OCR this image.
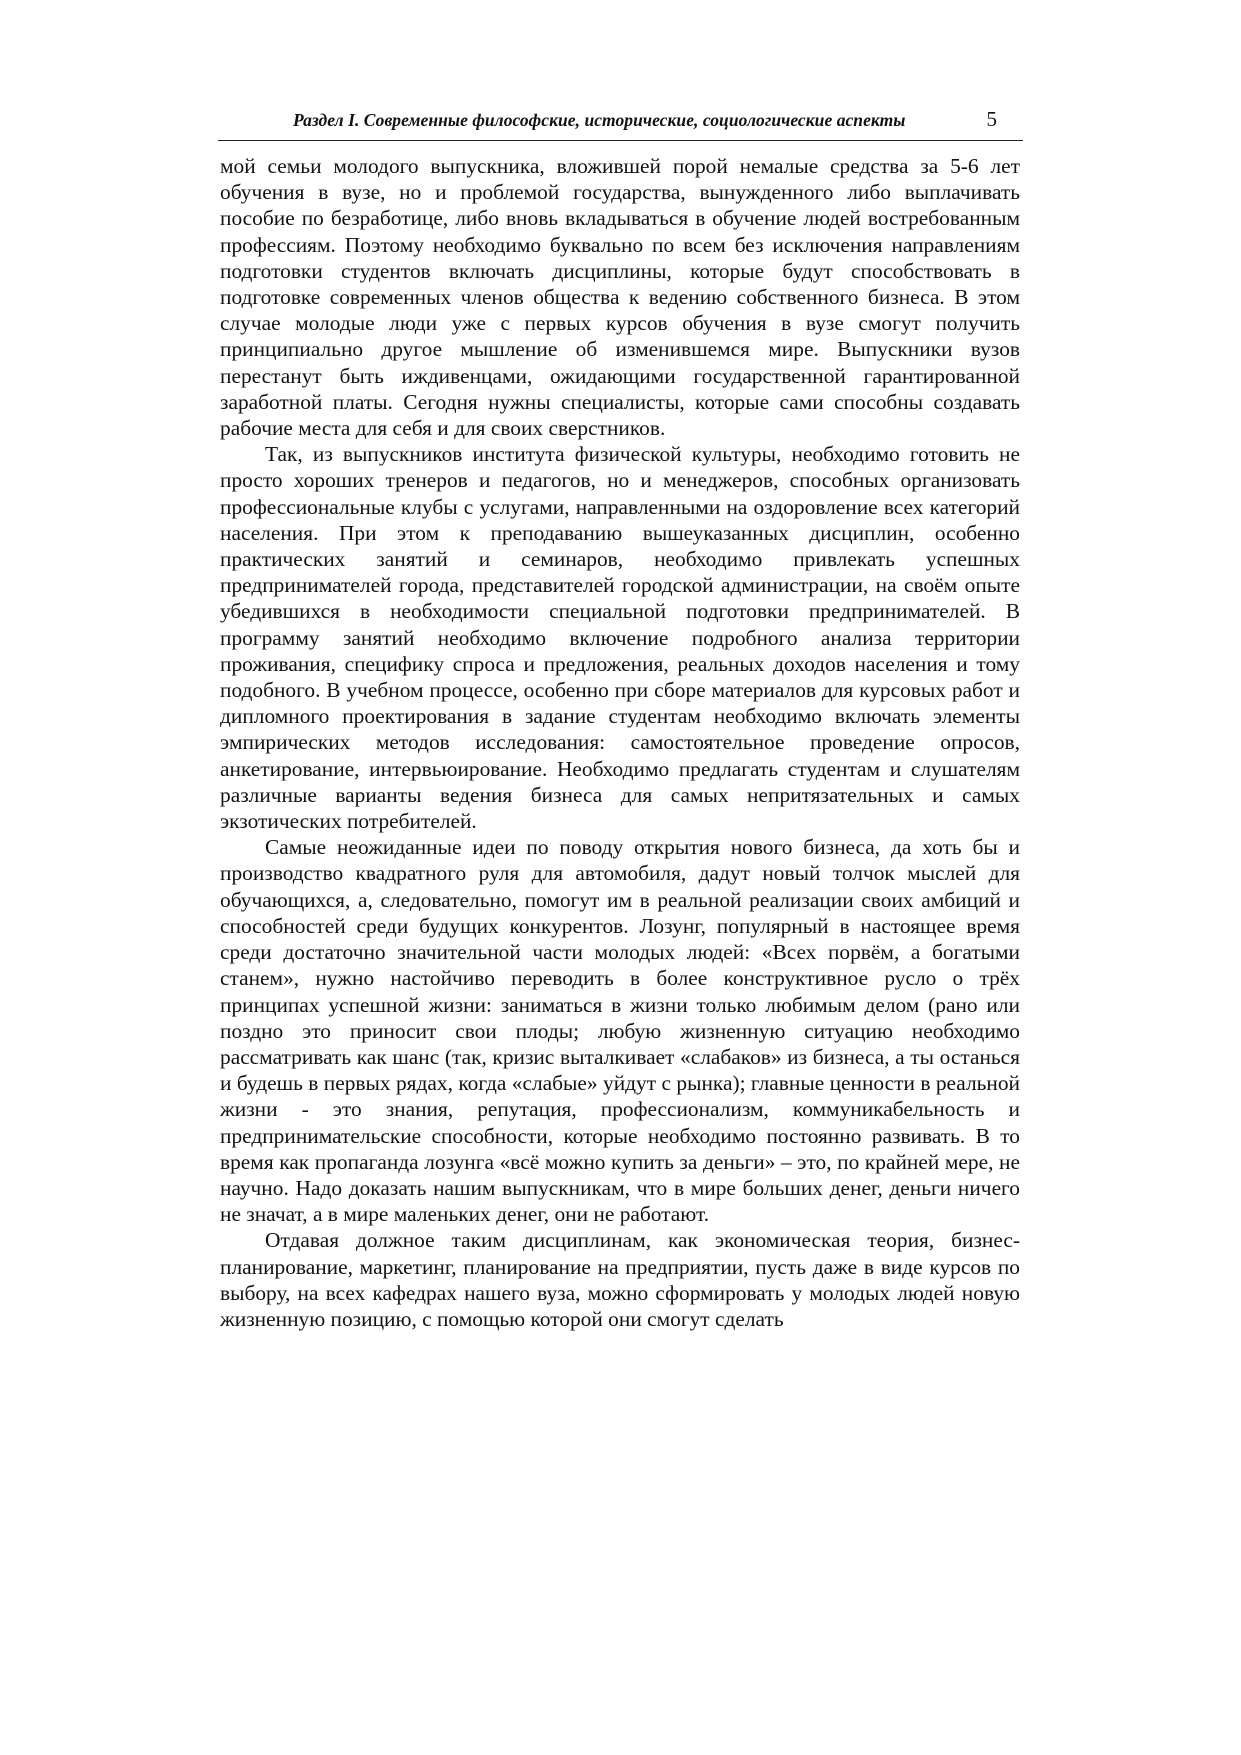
Раздел I. Современные философские, исторические, социологические аспекты	5

мой семьи молодого выпускника, вложившей порой немалые средства за 5-6 лет обучения в вузе, но и проблемой государства, вынужденного либо выплачивать пособие по безработице, либо вновь вкладываться в обучение людей востребованным профессиям. Поэтому необходимо буквально по всем без исключения направлениям подготовки студентов включать дисциплины, которые будут способствовать в подготовке современных членов общества к ведению собственного бизнеса. В этом случае молодые люди уже с первых курсов обучения в вузе смогут получить принципиально другое мышление об изменившемся мире. Выпускники вузов перестанут быть иждивенцами, ожидающими государственной гарантированной заработной платы. Сегодня нужны специалисты, которые сами способны создавать рабочие места для себя и для своих сверстников.

Так, из выпускников института физической культуры, необходимо готовить не просто хороших тренеров и педагогов, но и менеджеров, способных организовать профессиональные клубы с услугами, направленными на оздоровление всех категорий населения. При этом к преподаванию вышеуказанных дисциплин, особенно практических занятий и семинаров, необходимо привлекать успешных предпринимателей города, представителей городской администрации, на своём опыте убедившихся в необходимости специальной подготовки предпринимателей. В программу занятий необходимо включение подробного анализа территории проживания, специфику спроса и предложения, реальных доходов населения и тому подобного. В учебном процессе, особенно при сборе материалов для курсовых работ и дипломного проектирования в задание студентам необходимо включать элементы эмпирических методов исследования: самостоятельное проведение опросов, анкетирование, интервьюирование. Необходимо предлагать студентам и слушателям различные варианты ведения бизнеса для самых непритязательных и самых экзотических потребителей.

Самые неожиданные идеи по поводу открытия нового бизнеса, да хоть бы и производство квадратного руля для автомобиля, дадут новый толчок мыслей для обучающихся, а, следовательно, помогут им в реальной реализации своих амбиций и способностей среди будущих конкурентов. Лозунг, популярный в настоящее время среди достаточно значительной части молодых людей: «Всех порвём, а богатыми станем», нужно настойчиво переводить в более конструктивное русло о трёх принципах успешной жизни: заниматься в жизни только любимым делом (рано или поздно это приносит свои плоды; любую жизненную ситуацию необходимо рассматривать как шанс (так, кризис выталкивает «слабаков» из бизнеса, а ты останься и будешь в первых рядах, когда «слабые» уйдут с рынка); главные ценности в реальной жизни - это знания, репутация, профессионализм, коммуникабельность и предпринимательские способности, которые необходимо постоянно развивать. В то время как пропаганда лозунга «всё можно купить за деньги» – это, по крайней мере, не научно. Надо доказать нашим выпускникам, что в мире больших денег, деньги ничего не значат, а в мире маленьких денег, они не работают.

Отдавая должное таким дисциплинам, как экономическая теория, бизнес-планирование, маркетинг, планирование на предприятии, пусть даже в виде курсов по выбору, на всех кафедрах нашего вуза, можно сформировать у молодых людей новую жизненную позицию, с помощью которой они смогут сделать
